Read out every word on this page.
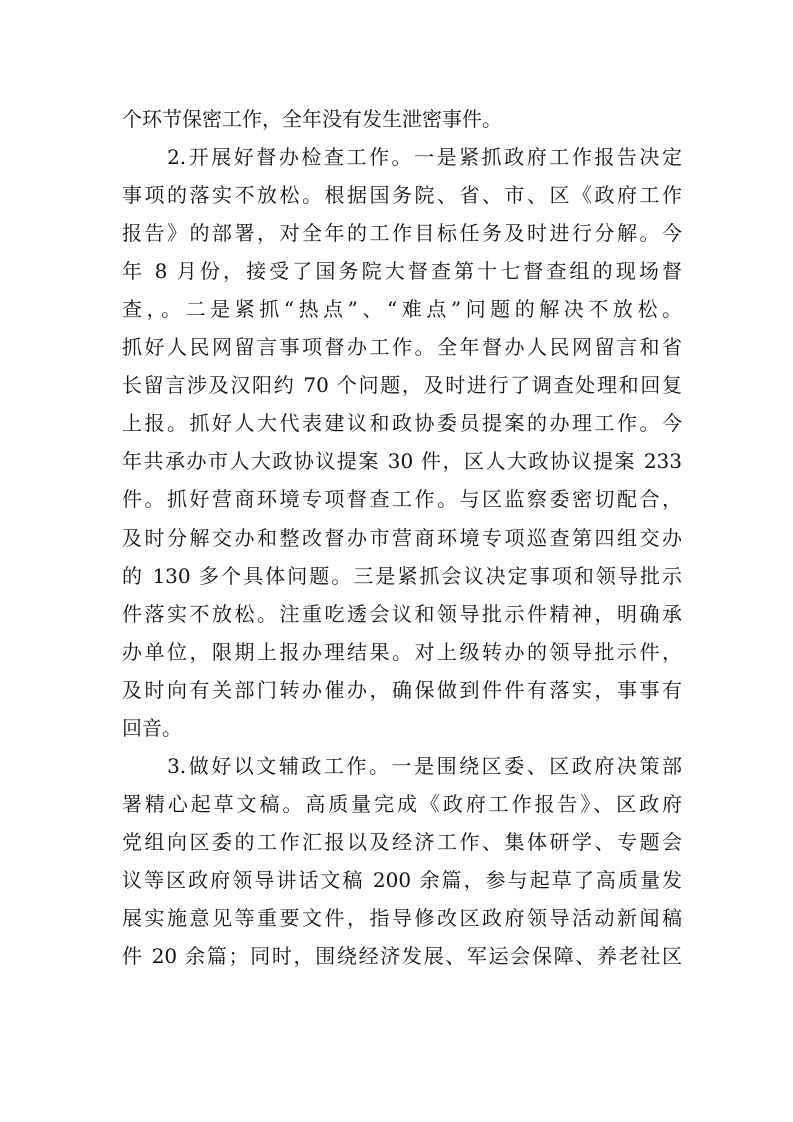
个环节保密工作，全年没有发生泄密事件。
　　2.开展好督办检查工作。一是紧抓政府工作报告决定
事项的落实不放松。根据国务院、省、市、区《政府工作
报告》的部署，对全年的工作目标任务及时进行分解。今
年 8 月份，接受了国务院大督查第十七督查组的现场督
查，。二是紧抓“热点”、“难点”问题的解决不放松。
抓好人民网留言事项督办工作。全年督办人民网留言和省
长留言涉及汉阳约 70 个问题，及时进行了调查处理和回复
上报。抓好人大代表建议和政协委员提案的办理工作。今
年共承办市人大政协议提案 30 件，区人大政协议提案 233
件。抓好营商环境专项督查工作。与区监察委密切配合，
及时分解交办和整改督办市营商环境专项巡查第四组交办
的 130 多个具体问题。三是紧抓会议决定事项和领导批示
件落实不放松。注重吃透会议和领导批示件精神，明确承
办单位，限期上报办理结果。对上级转办的领导批示件，
及时向有关部门转办催办，确保做到件件有落实，事事有
回音。
　　3.做好以文辅政工作。一是围绕区委、区政府决策部
署精心起草文稿。高质量完成《政府工作报告》、区政府
党组向区委的工作汇报以及经济工作、集体研学、专题会
议等区政府领导讲话文稿 200 余篇，参与起草了高质量发
展实施意见等重要文件，指导修改区政府领导活动新闻稿
件 20 余篇；同时，围绕经济发展、军运会保障、养老社区
